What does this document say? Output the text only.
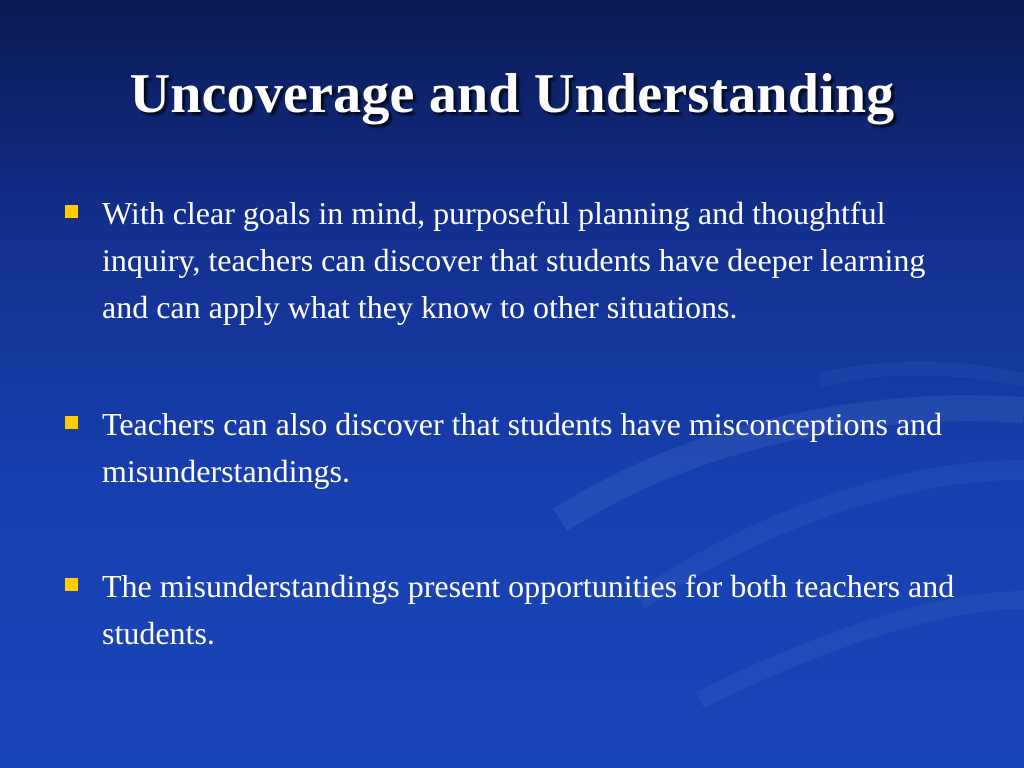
Uncoverage and Understanding
With clear goals in mind, purposeful planning and thoughtful inquiry, teachers can discover that students have deeper learning and can apply what they know to other situations.
Teachers can also discover that students have misconceptions and misunderstandings.
The misunderstandings present opportunities for both teachers and students.
